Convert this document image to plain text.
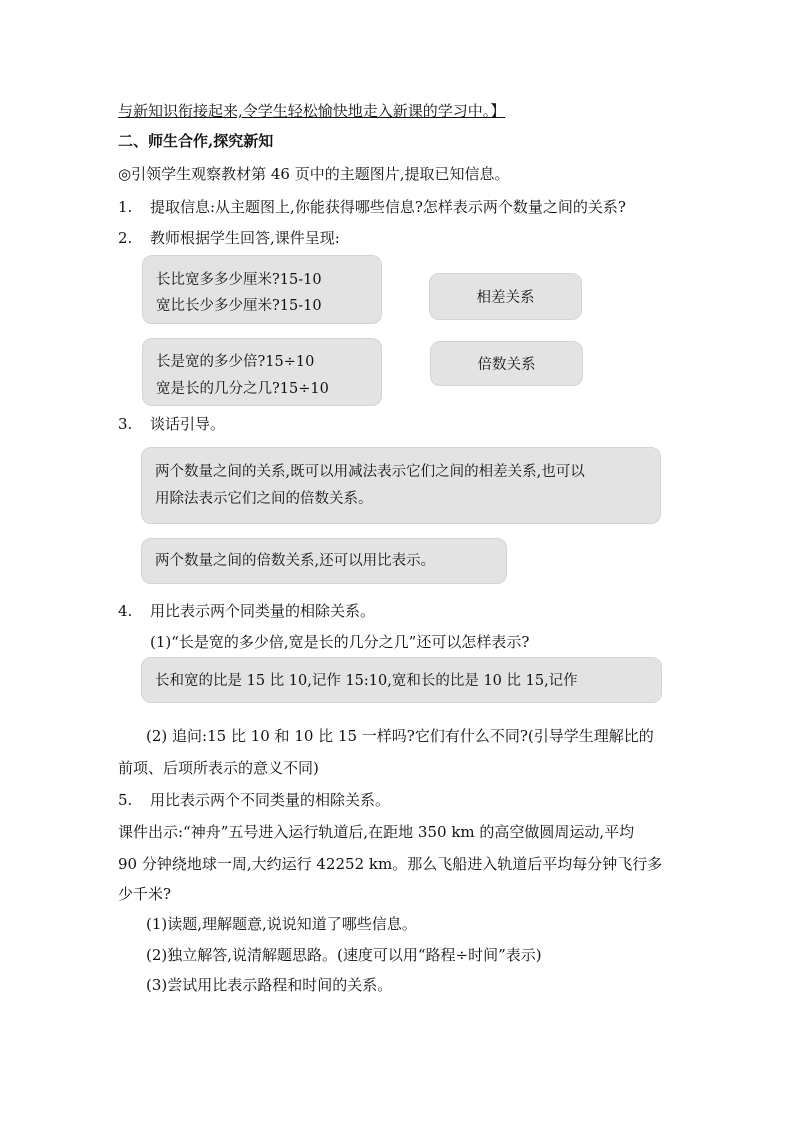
与新知识衔接起来,令学生轻松愉快地走入新课的学习中。】
二、师生合作,探究新知
◎引领学生观察教材第 46 页中的主题图片,提取已知信息。
1. 提取信息:从主题图上,你能获得哪些信息?怎样表示两个数量之间的关系?
2. 教师根据学生回答,课件呈现:
长比宽多多少厘米?15-10
宽比长少多少厘米?15-10	相差关系
长是宽的多少倍?15÷10
宽是长的几分之几?15÷10
倍数关系
3. 谈话引导。
两个数量之间的关系,既可以用减法表示它们之间的相差关系,也可以
用除法表示它们之间的倍数关系。
两个数量之间的倍数关系,还可以用比表示。
4. 用比表示两个同类量的相除关系。
(1)“长是宽的多少倍,宽是长的几分之几”还可以怎样表示?
长和宽的比是 15 比 10,记作 15:10,宽和长的比是 10 比 15,记作
(2) 追问:15 比 10 和 10 比 15 一样吗?它们有什么不同?(引导学生理解比的
前项、后项所表示的意义不同)
5. 用比表示两个不同类量的相除关系。
课件出示:“神舟”五号进入运行轨道后,在距地 350 km 的高空做圆周运动,平均
90 分钟绕地球一周,大约运行 42252 km。那么飞船进入轨道后平均每分钟飞行多
少千米?
(1)读题,理解题意,说说知道了哪些信息。
(2)独立解答,说清解题思路。(速度可以用“路程÷时间”表示)
(3)尝试用比表示路程和时间的关系。
